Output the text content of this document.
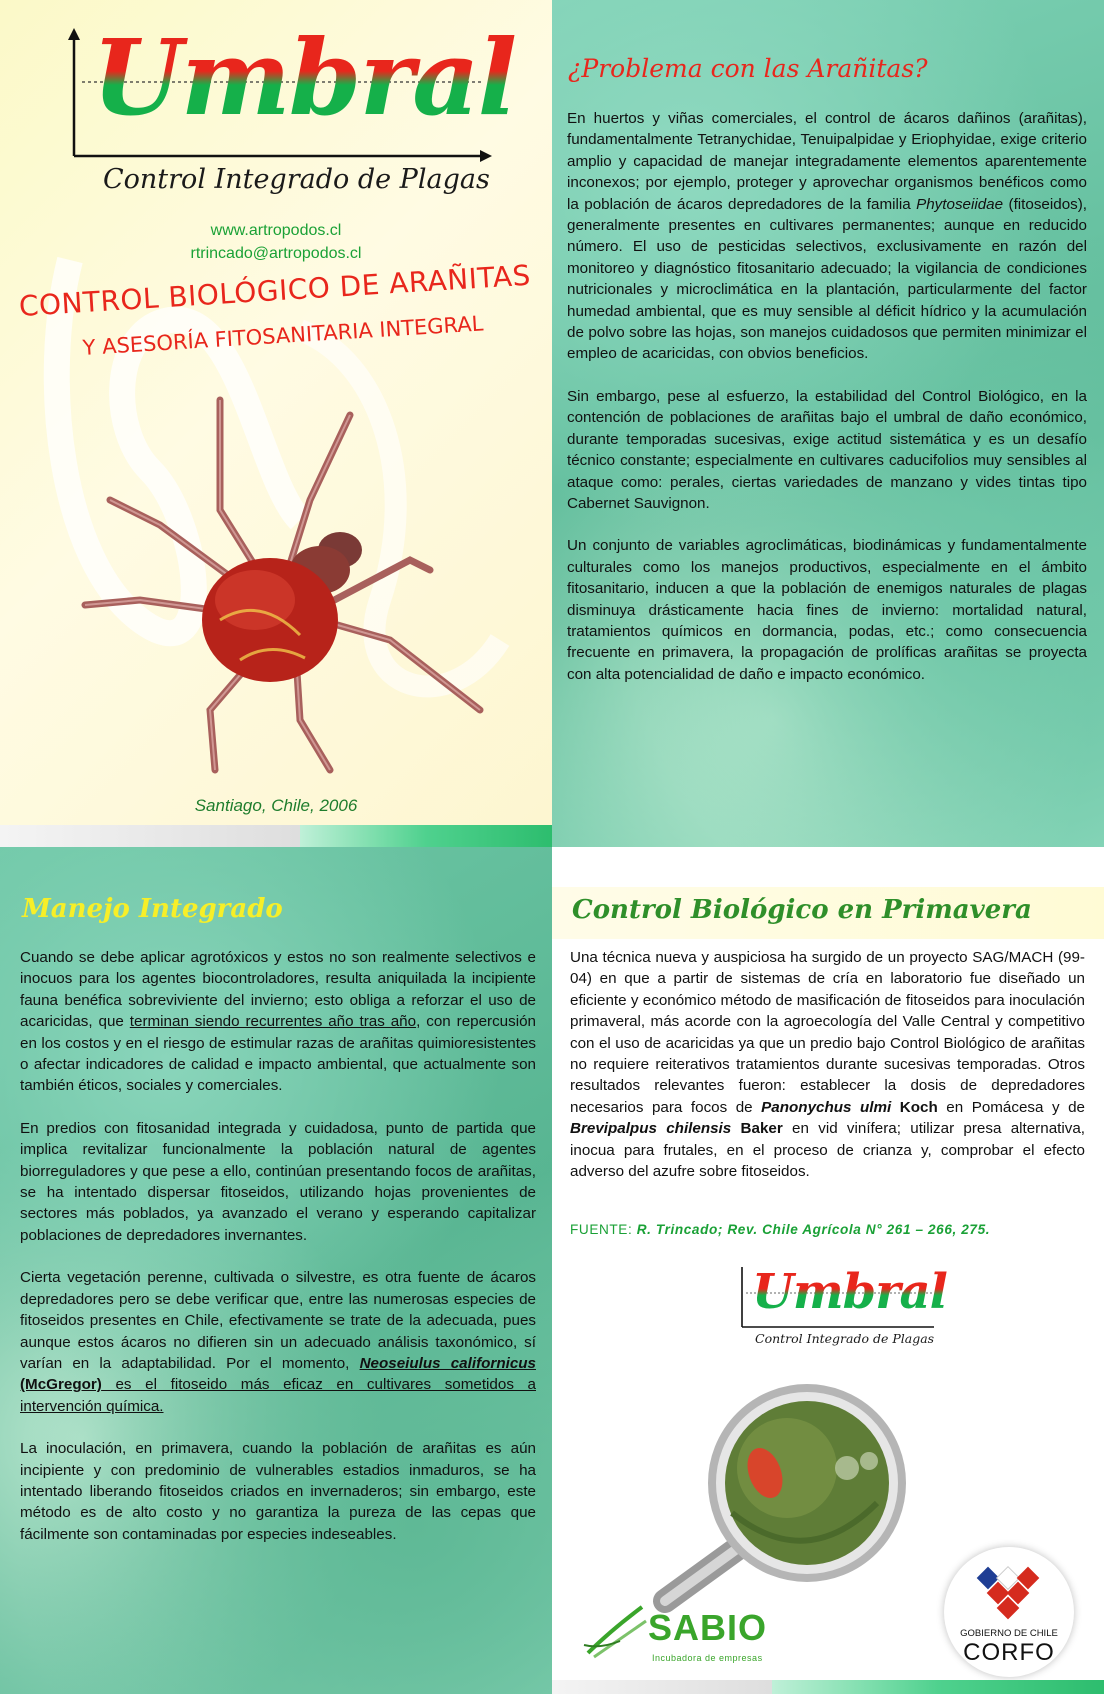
Umbral
Control Integrado de Plagas
www.artropodos.cl
rtrincado@artropodos.cl
CONTROL BIOLÓGICO DE ARAÑITAS
Y ASESORÍA FITOSANITARIA INTEGRAL
Santiago, Chile, 2006
¿Problema con las Arañitas?

En huertos y viñas comerciales, el control de ácaros dañinos (arañitas), fundamentalmente Tetranychidae, Tenuipalpidae y Eriophyidae, exige criterio amplio y capacidad de manejar integradamente elementos aparentemente inconexos; por ejemplo, proteger y aprovechar organismos benéficos como la población de ácaros depredadores de la familia Phytoseiidae (fitoseidos), generalmente presentes en cultivares permanentes; aunque en reducido número. El uso de pesticidas selectivos, exclusivamente en razón del monitoreo y diagnóstico fitosanitario adecuado; la vigilancia de condiciones nutricionales y microclimática en la plantación, particularmente del factor humedad ambiental, que es muy sensible al déficit hídrico y la acumulación de polvo sobre las hojas, son manejos cuidadosos que permiten minimizar el empleo de acaricidas, con obvios beneficios.

Sin embargo, pese al esfuerzo, la estabilidad del Control Biológico, en la contención de poblaciones de arañitas bajo el umbral de daño económico, durante temporadas sucesivas, exige actitud sistemática y es un desafío técnico constante; especialmente en cultivares caducifolios muy sensibles al ataque como: perales, ciertas variedades de manzano y vides tintas tipo Cabernet Sauvignon.

Un conjunto de variables agroclimáticas, biodinámicas y fundamentalmente culturales como los manejos productivos, especialmente en el ámbito fitosanitario, inducen a que la población de enemigos naturales de plagas disminuya drásticamente hacia fines de invierno: mortalidad natural, tratamientos químicos en dormancia, podas, etc.; como consecuencia frecuente en primavera, la propagación de prolíficas arañitas se proyecta con alta potencialidad de daño e impacto económico.

Manejo Integrado

Cuando se debe aplicar agrotóxicos y estos no son realmente selectivos e inocuos para los agentes biocontroladores, resulta aniquilada la incipiente fauna benéfica sobreviviente del invierno; esto obliga a reforzar el uso de acaricidas, que terminan siendo recurrentes año tras año, con repercusión en los costos y en el riesgo de estimular razas de arañitas quimioresistentes o afectar indicadores de calidad e impacto ambiental, que actualmente son también éticos, sociales y comerciales.

En predios con fitosanidad integrada y cuidadosa, punto de partida que implica revitalizar funcionalmente la población natural de agentes biorreguladores y que pese a ello, continúan presentando focos de arañitas, se ha intentado dispersar fitoseidos, utilizando hojas provenientes de sectores más poblados, ya avanzado el verano y esperando capitalizar poblaciones de depredadores invernantes.

Cierta vegetación perenne, cultivada o silvestre, es otra fuente de ácaros depredadores pero se debe verificar que, entre las numerosas especies de fitoseidos presentes en Chile, efectivamente se trate de la adecuada, pues aunque estos ácaros no difieren sin un adecuado análisis taxonómico, sí varían en la adaptabilidad. Por el momento, Neoseiulus californicus (McGregor) es el fitoseido más eficaz en cultivares sometidos a intervención química.

La inoculación, en primavera, cuando la población de arañitas es aún incipiente y con predominio de vulnerables estadios inmaduros, se ha intentado liberando fitoseidos criados en invernaderos; sin embargo, este método es de alto costo y no garantiza la pureza de las cepas que fácilmente son contaminadas por especies indeseables.

Control Biológico en Primavera

Una técnica nueva y auspiciosa ha surgido de un proyecto SAG/MACH (99-04) en que a partir de sistemas de cría en laboratorio fue diseñado un eficiente y económico método de masificación de fitoseidos para inoculación primaveral, más acorde con la agroecología del Valle Central y competitivo con el uso de acaricidas ya que un predio bajo Control Biológico de arañitas no requiere reiterativos tratamientos durante sucesivas temporadas. Otros resultados relevantes fueron: establecer la dosis de depredadores necesarios para focos de Panonychus ulmi Koch en Pomácesa y de Brevipalpus chilensis Baker en vid vinífera; utilizar presa alternativa, inocua para frutales, en el proceso de crianza y, comprobar el efecto adverso del azufre sobre fitoseidos.

FUENTE: R. Trincado; Rev. Chile Agrícola N° 261 – 266, 275.
Umbral
Control Integrado de Plagas
SABIO
Incubadora de empresas
GOBIERNO DE CHILE
CORFO
